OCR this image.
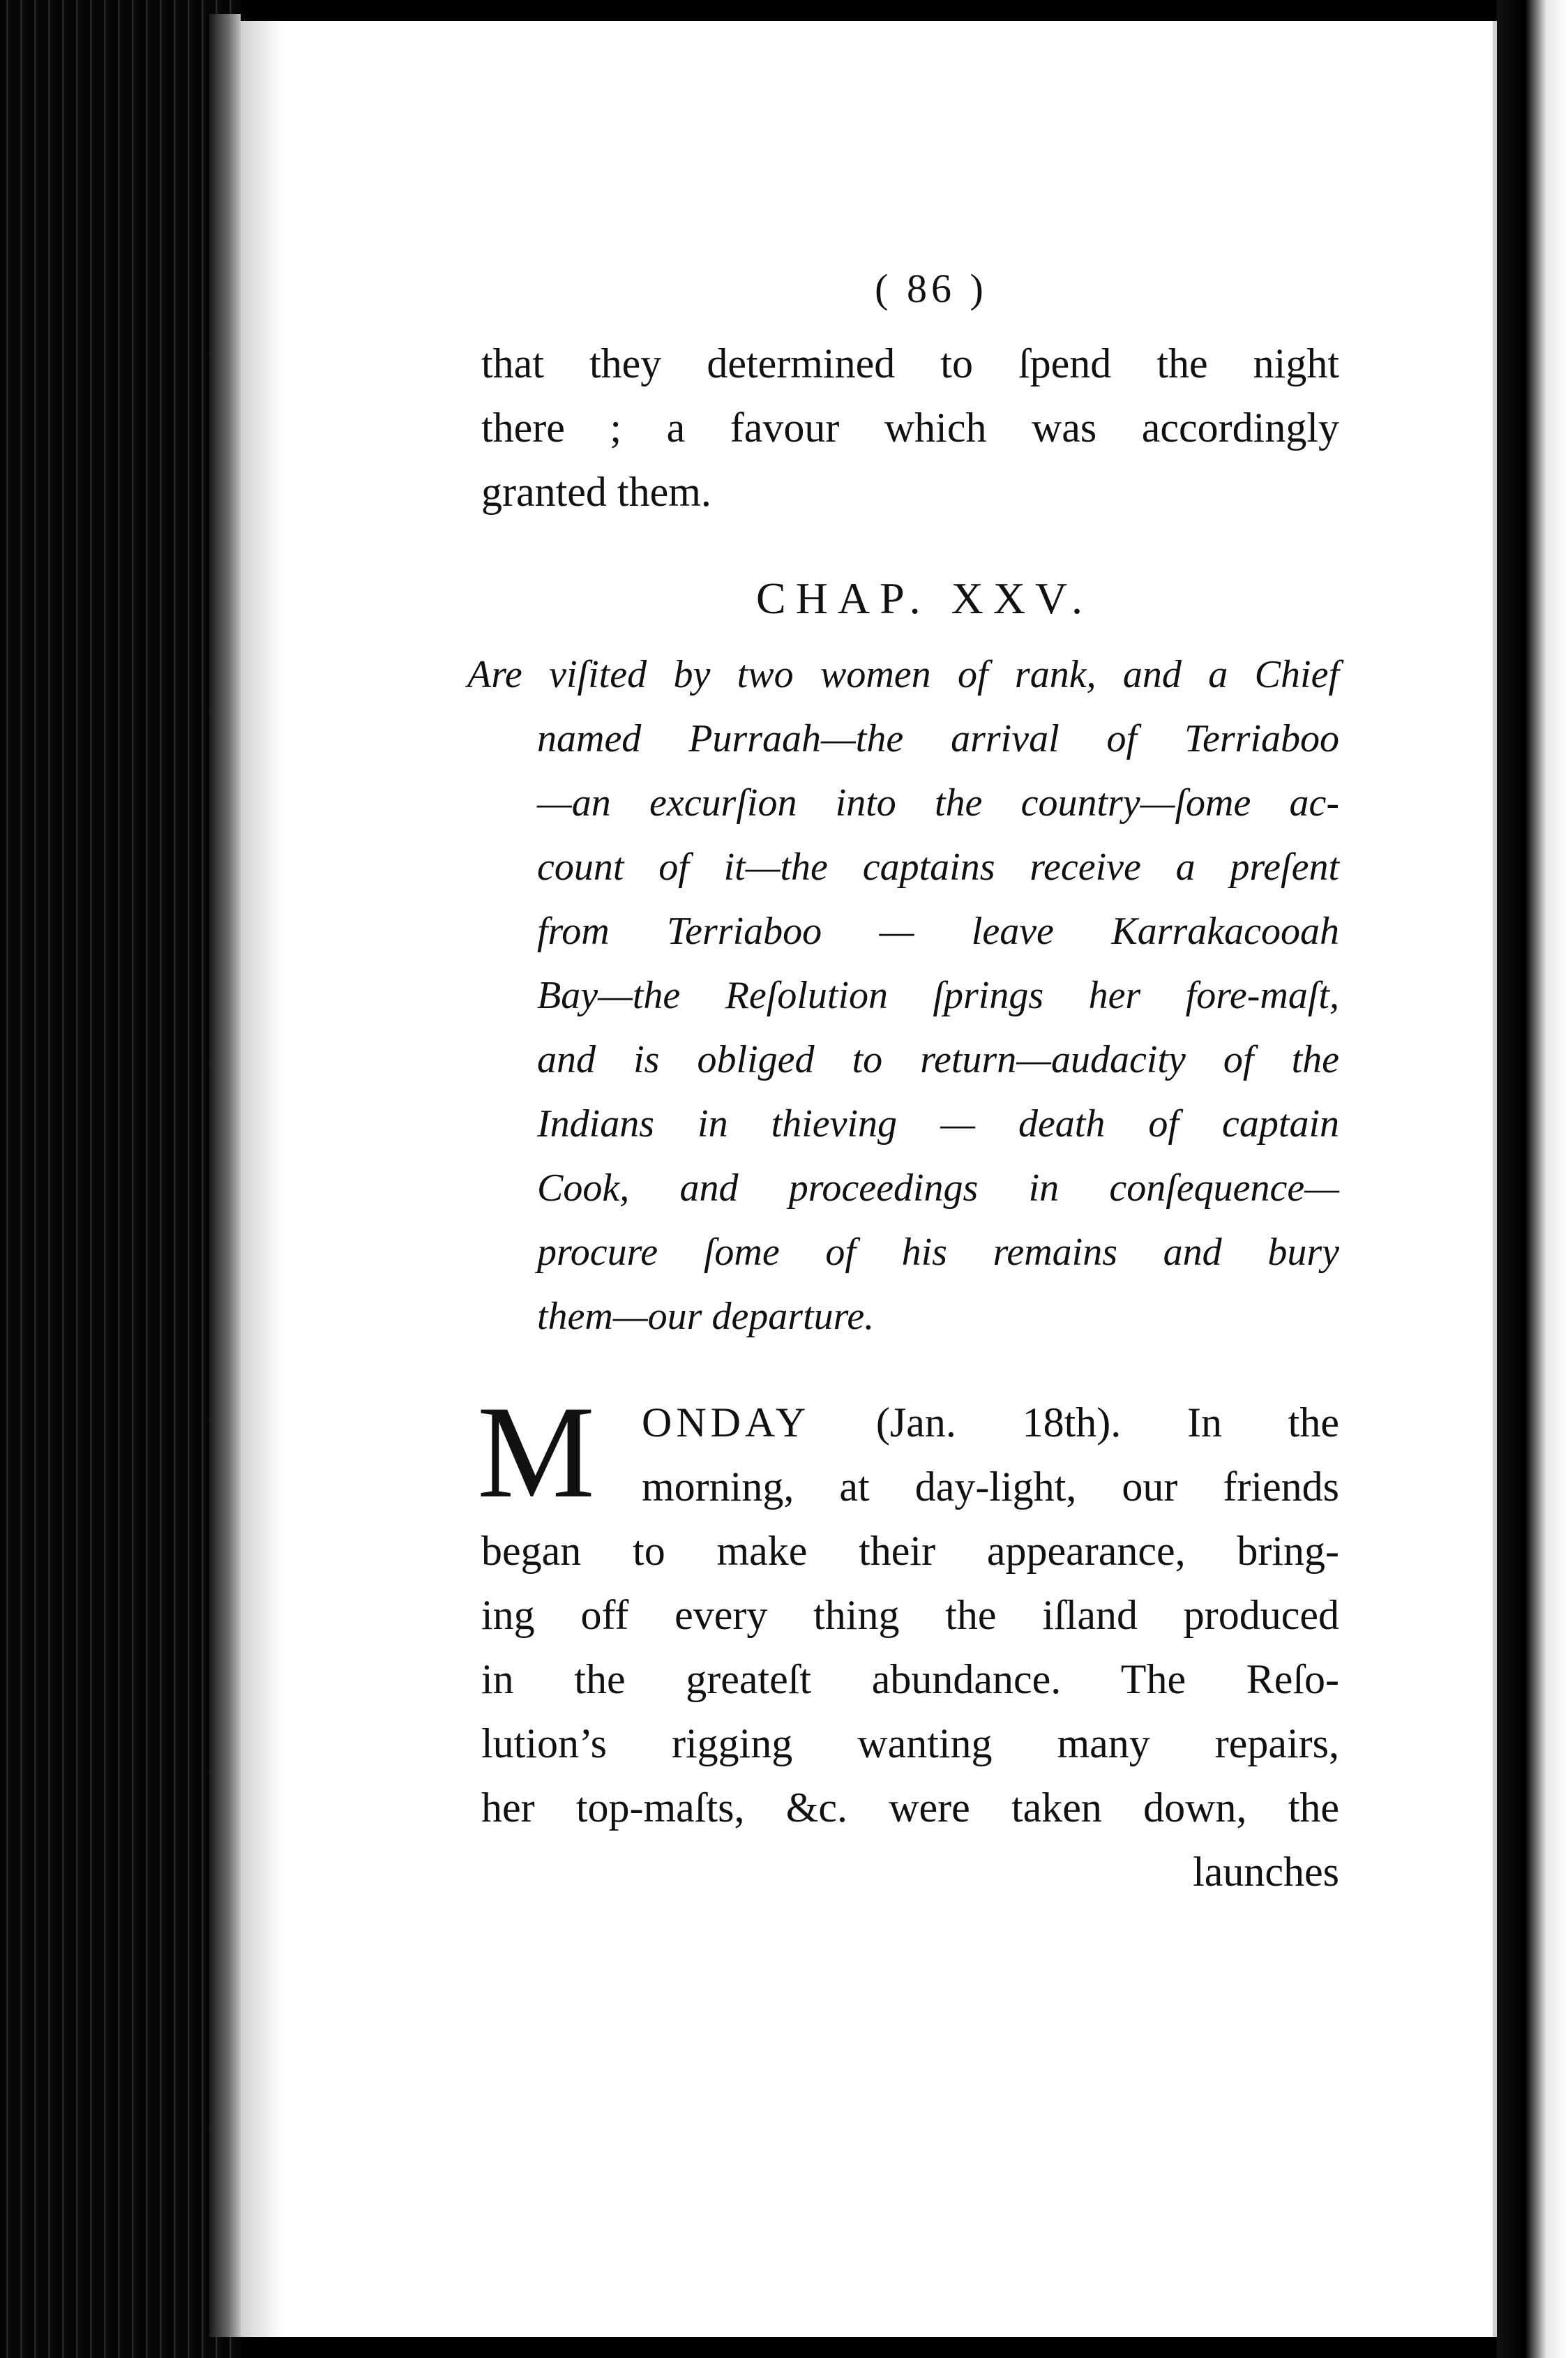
( 86 )
that they determined to ſpend the night
there ; a favour which was accordingly
granted them.
CHAP. XXV.
Are viſited by two women of rank, and a Chief
named Purraah—the arrival of Terriaboo
—an excurſion into the country—ſome ac-
count of it—the captains receive a preſent
from Terriaboo — leave Karrakacooah
Bay—the Reſolution ſprings her fore-maſt,
and is obliged to return—audacity of the
Indians in thieving — death of captain
Cook, and proceedings in conſequence—
procure ſome of his remains and bury
them—our departure.
M	ONDAY (Jan. 18th). In the
morning, at day-light, our friends
began to make their appearance, bring-
ing off every thing the iſland produced
in the greateſt abundance. The Reſo-
lution’s rigging wanting many repairs,
her top-maſts, &c. were taken down, the
launches
